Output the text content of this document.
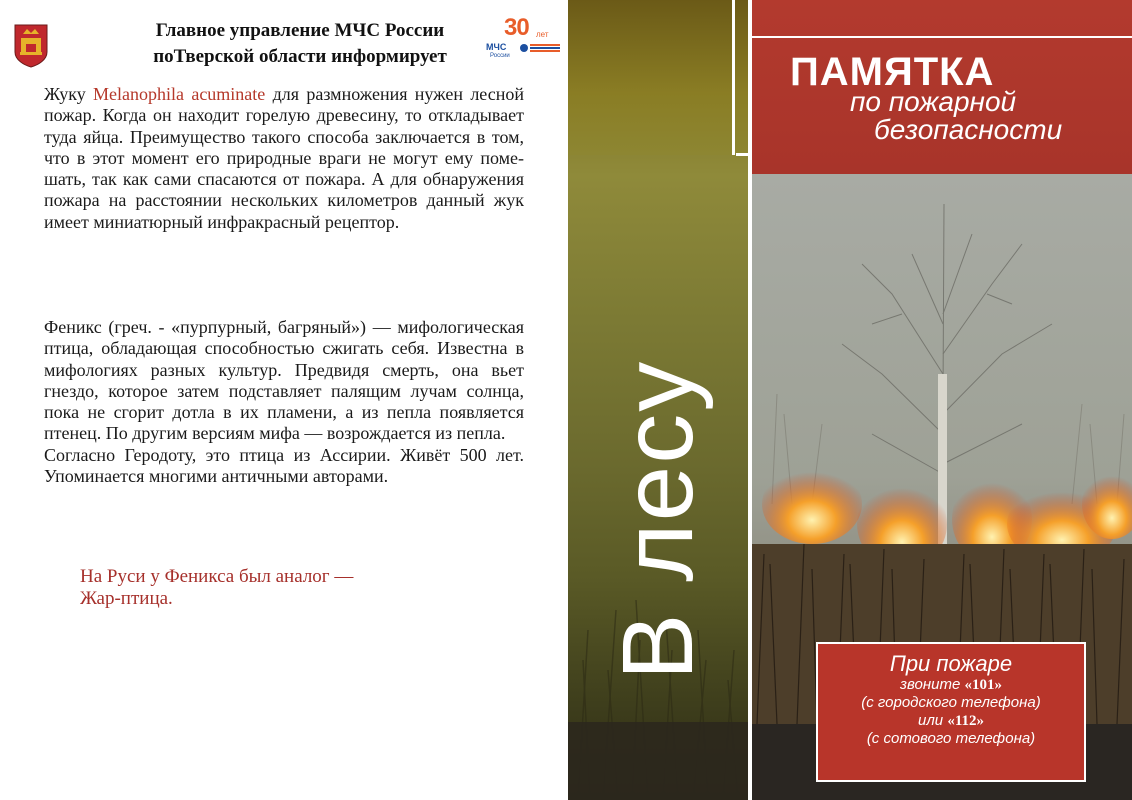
Главное управление МЧС России
поТверской области информирует
30 лет
МЧС
России

Жуку Melanophila acuminate для размножения нужен лесной пожар. Когда он находит горелую древесину, то откладывает туда яйца. Преимущество такого способа заключается в том, что в этот момент его природные враги не могут ему помешать, так как сами спасаются от пожара. А для обнаружения пожара на расстоянии нескольких километров данный жук имеет миниатюрный инфракрасный рецептор.

Феникс (греч. - «пурпурный, багряный») — мифологическая птица, обладающая способностью сжигать себя. Известна в мифологиях разных культур. Предвидя смерть, она вьет гнездо, которое затем подставляет палящим лучам солнца, пока не сгорит дотла в их пламени, а из пепла появляется птенец. По другим версиям мифа — возрождается из пепла.

Согласно Геродоту, это птица из Ассирии. Живёт 500 лет. Упоминается многими античными авторами.

На Руси у Феникса был аналог —
Жар-птица.	В лесу
ПАМЯТКА
по пожарной
безопасности
При пожаре
звоните «101»
(с городского телефона)
или «112»
(с сотового телефона)
